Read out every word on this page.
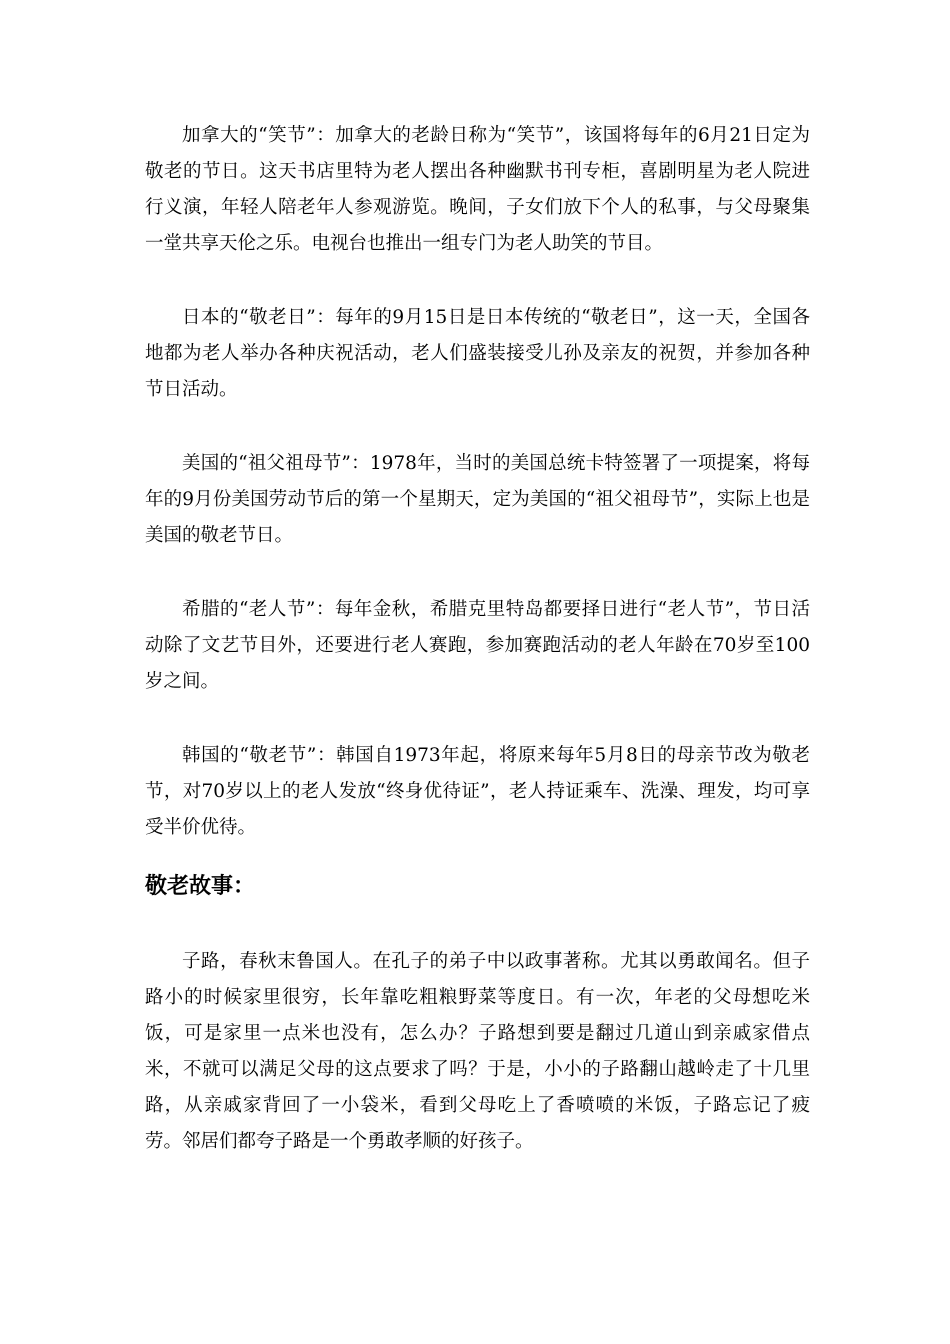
加拿大的“笑节”：加拿大的老龄日称为“笑节”，该国将每年的6月21日定为敬老的节日。这天书店里特为老人摆出各种幽默书刊专柜，喜剧明星为老人院进行义演，年轻人陪老年人参观游览。晚间，子女们放下个人的私事，与父母聚集一堂共享天伦之乐。电视台也推出一组专门为老人助笑的节目。

日本的“敬老日”：每年的9月15日是日本传统的“敬老日”，这一天，全国各地都为老人举办各种庆祝活动，老人们盛装接受儿孙及亲友的祝贺，并参加各种节日活动。

美国的“祖父祖母节”：1978年，当时的美国总统卡特签署了一项提案，将每年的9月份美国劳动节后的第一个星期天，定为美国的“祖父祖母节”，实际上也是美国的敬老节日。

希腊的“老人节”：每年金秋，希腊克里特岛都要择日进行“老人节”，节日活动除了文艺节目外，还要进行老人赛跑，参加赛跑活动的老人年龄在70岁至100岁之间。

韩国的“敬老节”：韩国自1973年起，将原来每年5月8日的母亲节改为敬老节，对70岁以上的老人发放“终身优待证”，老人持证乘车、洗澡、理发，均可享受半价优待。

敬老故事：

子路，春秋末鲁国人。在孔子的弟子中以政事著称。尤其以勇敢闻名。但子路小的时候家里很穷，长年靠吃粗粮野菜等度日。有一次，年老的父母想吃米饭，可是家里一点米也没有，怎么办？子路想到要是翻过几道山到亲戚家借点米，不就可以满足父母的这点要求了吗？于是，小小的子路翻山越岭走了十几里路，从亲戚家背回了一小袋米，看到父母吃上了香喷喷的米饭，子路忘记了疲劳。邻居们都夸子路是一个勇敢孝顺的好孩子。
